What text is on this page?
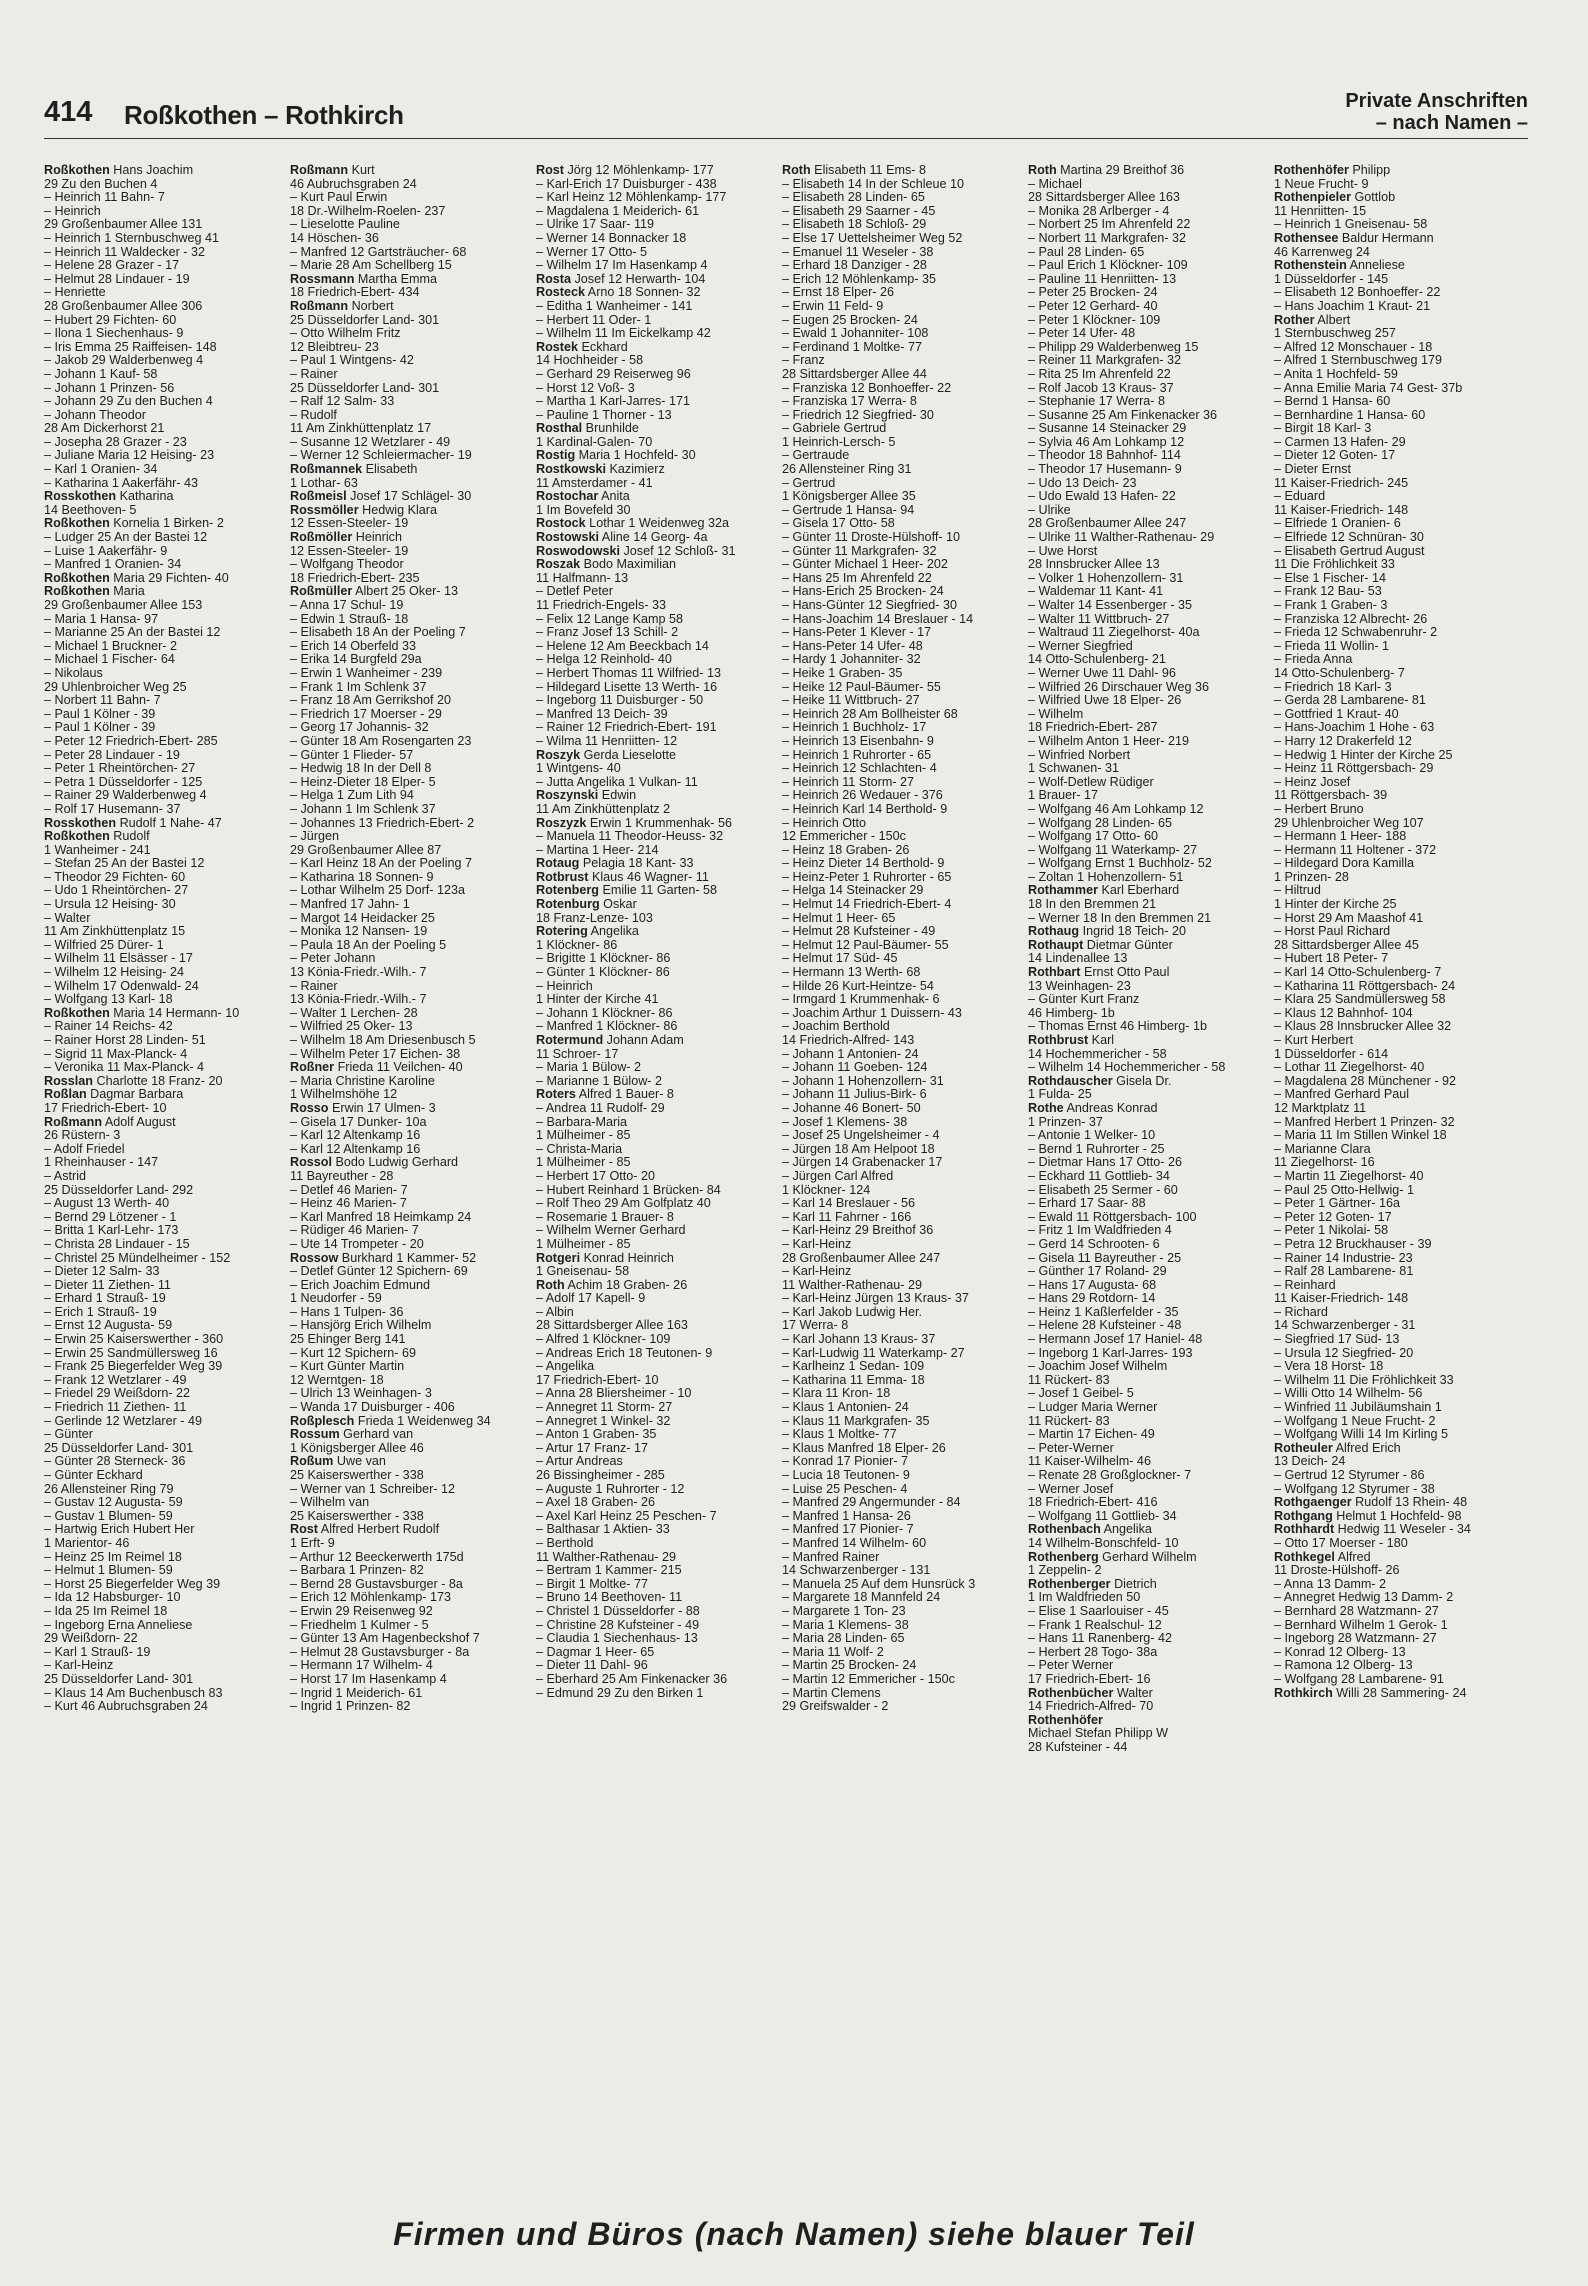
414 Roßkothen – Rothkirch	Private Anschriften
– nach Namen –
Roßkothen Hans Joachim
29 Zu den Buchen 4
– Heinrich 11 Bahn- 7
– Heinrich
29 Großenbaumer Allee 131
– Heinrich 1 Sternbuschweg 41
– Heinrich 11 Waldecker - 32
– Helene 28 Grazer - 17
– Helmut 28 Lindauer - 19
– Henriette
28 Großenbaumer Allee 306
– Hubert 29 Fichten- 60
– Ilona 1 Siechenhaus- 9
– Iris Emma 25 Raiffeisen- 148
– Jakob 29 Walderbenweg 4
– Johann 1 Kauf- 58
– Johann 1 Prinzen- 56
– Johann 29 Zu den Buchen 4
– Johann Theodor
28 Am Dickerhorst 21
– Josepha 28 Grazer - 23
– Juliane Maria 12 Heising- 23
– Karl 1 Oranien- 34
– Katharina 1 Aakerfähr- 43
Rosskothen Katharina
14 Beethoven- 5
Roßkothen Kornelia 1 Birken- 2
– Ludger 25 An der Bastei 12
– Luise 1 Aakerfähr- 9
– Manfred 1 Oranien- 34
Roßkothen Maria 29 Fichten- 40
Roßkothen Maria
29 Großenbaumer Allee 153
– Maria 1 Hansa- 97
– Marianne 25 An der Bastei 12
– Michael 1 Bruckner- 2
– Michael 1 Fischer- 64
– Nikolaus
29 Uhlenbroicher Weg 25
– Norbert 11 Bahn- 7
– Paul 1 Kölner - 39
– Paul 1 Kölner - 39
– Peter 12 Friedrich-Ebert- 285
– Peter 28 Lindauer - 19
– Peter 1 Rheintörchen- 27
– Petra 1 Düsseldorfer - 125
– Rainer 29 Walderbenweg 4
– Rolf 17 Husemann- 37
Rosskothen Rudolf 1 Nahe- 47
Roßkothen Rudolf
1 Wanheimer - 241
– Stefan 25 An der Bastei 12
– Theodor 29 Fichten- 60
– Udo 1 Rheintörchen- 27
– Ursula 12 Heising- 30
– Walter
11 Am Zinkhüttenplatz 15
– Wilfried 25 Dürer- 1
– Wilhelm 11 Elsässer - 17
– Wilhelm 12 Heising- 24
– Wilhelm 17 Odenwald- 24
– Wolfgang 13 Karl- 18
Roßkothen Maria 14 Hermann- 10
– Rainer 14 Reichs- 42
– Rainer Horst 28 Linden- 51
– Sigrid 11 Max-Planck- 4
– Veronika 11 Max-Planck- 4
Rosslan Charlotte 18 Franz- 20
Roßlan Dagmar Barbara
17 Friedrich-Ebert- 10
Roßmann Adolf August
26 Rüstern- 3
– Adolf Friedel
1 Rheinhauser - 147
– Astrid
25 Düsseldorfer Land- 292
– August 13 Werth- 40
– Bernd 29 Lötzener - 1
– Britta 1 Karl-Lehr- 173
– Christa 28 Lindauer - 15
– Christel 25 Mündelheimer - 152
– Dieter 12 Salm- 33
– Dieter 11 Ziethen- 11
– Erhard 1 Strauß- 19
– Erich 1 Strauß- 19
– Ernst 12 Augusta- 59
– Erwin 25 Kaiserswerther - 360
– Erwin 25 Sandmüllersweg 16
– Frank 25 Biegerfelder Weg 39
– Frank 12 Wetzlarer - 49
– Friedel 29 Weißdorn- 22
– Friedrich 11 Ziethen- 11
– Gerlinde 12 Wetzlarer - 49
– Günter
25 Düsseldorfer Land- 301
– Günter 28 Sterneck- 36
– Günter Eckhard
26 Allensteiner Ring 79
– Gustav 12 Augusta- 59
– Gustav 1 Blumen- 59
– Hartwig Erich Hubert Her
1 Marientor- 46
– Heinz 25 Im Reimel 18
– Helmut 1 Blumen- 59
– Horst 25 Biegerfelder Weg 39
– Ida 12 Habsburger- 10
– Ida 25 Im Reimel 18
– Ingeborg Erna Anneliese
29 Weißdorn- 22
– Karl 1 Strauß- 19
– Karl-Heinz
25 Düsseldorfer Land- 301
– Klaus 14 Am Buchenbusch 83
– Kurt 46 Aubruchsgraben 24
Roßmann Kurt
46 Aubruchsgraben 24
– Kurt Paul Erwin
18 Dr.-Wilhelm-Roelen- 237
– Lieselotte Pauline
14 Höschen- 36
– Manfred 12 Gartsträucher- 68
– Marie 28 Am Schellberg 15
Rossmann Martha Emma
18 Friedrich-Ebert- 434
Roßmann Norbert
25 Düsseldorfer Land- 301
– Otto Wilhelm Fritz
12 Bleibtreu- 23
– Paul 1 Wintgens- 42
– Rainer
25 Düsseldorfer Land- 301
– Ralf 12 Salm- 33
– Rudolf
11 Am Zinkhüttenplatz 17
– Susanne 12 Wetzlarer - 49
– Werner 12 Schleiermacher- 19
Roßmannek Elisabeth
1 Lothar- 63
Roßmeisl Josef 17 Schlägel- 30
Rossmöller Hedwig Klara
12 Essen-Steeler- 19
Roßmöller Heinrich
12 Essen-Steeler- 19
– Wolfgang Theodor
18 Friedrich-Ebert- 235
Roßmüller Albert 25 Oker- 13
– Anna 17 Schul- 19
– Edwin 1 Strauß- 18
– Elisabeth 18 An der Poeling 7
– Erich 14 Oberfeld 33
– Erika 14 Burgfeld 29a
– Erwin 1 Wanheimer - 239
– Frank 1 Im Schlenk 37
– Franz 18 Am Gerrikshof 20
– Friedrich 17 Moerser - 29
– Georg 17 Johannis- 32
– Günter 18 Am Rosengarten 23
– Günter 1 Flieder- 57
– Hedwig 18 In der Dell 8
– Heinz-Dieter 18 Elper- 5
– Helga 1 Zum Lith 94
– Johann 1 Im Schlenk 37
– Johannes 13 Friedrich-Ebert- 2
– Jürgen
29 Großenbaumer Allee 87
– Karl Heinz 18 An der Poeling 7
– Katharina 18 Sonnen- 9
– Lothar Wilhelm 25 Dorf- 123a
– Manfred 17 Jahn- 1
– Margot 14 Heidacker 25
– Monika 12 Nansen- 19
– Paula 18 An der Poeling 5
– Peter Johann
13 Könia-Friedr.-Wilh.- 7
– Rainer
13 Könia-Friedr.-Wilh.- 7
– Walter 1 Lerchen- 28
– Wilfried 25 Oker- 13
– Wilhelm 18 Am Driesenbusch 5
– Wilhelm Peter 17 Eichen- 38
Roßner Frieda 11 Veilchen- 40
– Maria Christine Karoline
1 Wilhelmshöhe 12
Rosso Erwin 17 Ulmen- 3
– Gisela 17 Dunker- 10a
– Karl 12 Altenkamp 16
– Karl 12 Altenkamp 16
Rossol Bodo Ludwig Gerhard
11 Bayreuther - 28
– Detlef 46 Marien- 7
– Heinz 46 Marien- 7
– Karl Manfred 18 Heimkamp 24
– Rüdiger 46 Marien- 7
– Ute 14 Trompeter - 20
Rossow Burkhard 1 Kammer- 52
– Detlef Günter 12 Spichern- 69
– Erich Joachim Edmund
1 Neudorfer - 59
– Hans 1 Tulpen- 36
– Hansjörg Erich Wilhelm
25 Ehinger Berg 141
– Kurt 12 Spichern- 69
– Kurt Günter Martin
12 Werntgen- 18
– Ulrich 13 Weinhagen- 3
– Wanda 17 Duisburger - 406
Roßplesch Frieda 1 Weidenweg 34
Rossum Gerhard van
1 Königsberger Allee 46
Roßum Uwe van
25 Kaiserswerther - 338
– Werner van 1 Schreiber- 12
– Wilhelm van
25 Kaiserswerther - 338
Rost Alfred Herbert Rudolf
1 Erft- 9
– Arthur 12 Beeckerwerth 175d
– Barbara 1 Prinzen- 82
– Bernd 28 Gustavsburger - 8a
– Erich 12 Möhlenkamp- 173
– Erwin 29 Reisenweg 92
– Friedhelm 1 Kulmer - 5
– Günter 13 Am Hagenbeckshof 7
– Helmut 28 Gustavsburger - 8a
– Hermann 17 Wilhelm- 4
– Horst 17 Im Hasenkamp 4
– Ingrid 1 Meiderich- 61
– Ingrid 1 Prinzen- 82
Rost Jörg 12 Möhlenkamp- 177
– Karl-Erich 17 Duisburger - 438
– Karl Heinz 12 Möhlenkamp- 177
– Magdalena 1 Meiderich- 61
– Ulrike 17 Saar- 119
– Werner 14 Bonnacker 18
– Werner 17 Otto- 5
– Wilhelm 17 Im Hasenkamp 4
Rosta Josef 12 Herwarth- 104
Rosteck Arno 18 Sonnen- 32
– Editha 1 Wanheimer - 141
– Herbert 11 Oder- 1
– Wilhelm 11 Im Eickelkamp 42
Rostek Eckhard
14 Hochheider - 58
– Gerhard 29 Reiserweg 96
– Horst 12 Voß- 3
– Martha 1 Karl-Jarres- 171
– Pauline 1 Thorner - 13
Rosthal Brunhilde
1 Kardinal-Galen- 70
Rostig Maria 1 Hochfeld- 30
Rostkowski Kazimierz
11 Amsterdamer - 41
Rostochar Anita
1 Im Bovefeld 30
Rostock Lothar 1 Weidenweg 32a
Rostowski Aline 14 Georg- 4a
Roswodowski Josef 12 Schloß- 31
Roszak Bodo Maximilian
11 Halfmann- 13
– Detlef Peter
11 Friedrich-Engels- 33
– Felix 12 Lange Kamp 58
– Franz Josef 13 Schill- 2
– Helene 12 Am Beeckbach 14
– Helga 12 Reinhold- 40
– Herbert Thomas 11 Wilfried- 13
– Hildegard Lisette 13 Werth- 16
– Ingeborg 11 Duisburger - 50
– Manfred 13 Deich- 39
– Rainer 12 Friedrich-Ebert- 191
– Wilma 11 Henriitten- 12
Roszyk Gerda Lieselotte
1 Wintgens- 40
– Jutta Angelika 1 Vulkan- 11
Roszynski Edwin
11 Am Zinkhüttenplatz 2
Roszyzk Erwin 1 Krummenhak- 56
– Manuela 11 Theodor-Heuss- 32
– Martina 1 Heer- 214
Rotaug Pelagia 18 Kant- 33
Rotbrust Klaus 46 Wagner- 11
Rotenberg Emilie 11 Garten- 58
Rotenburg Oskar
18 Franz-Lenze- 103
Rotering Angelika
1 Klöckner- 86
– Brigitte 1 Klöckner- 86
– Günter 1 Klöckner- 86
– Heinrich
1 Hinter der Kirche 41
– Johann 1 Klöckner- 86
– Manfred 1 Klöckner- 86
Rotermund Johann Adam
11 Schroer- 17
– Maria 1 Bülow- 2
– Marianne 1 Bülow- 2
Roters Alfred 1 Bauer- 8
– Andrea 11 Rudolf- 29
– Barbara-Maria
1 Mülheimer - 85
– Christa-Maria
1 Mülheimer - 85
– Herbert 17 Otto- 20
– Hubert Reinhard 1 Brücken- 84
– Rolf Theo 29 Am Golfplatz 40
– Rosemarie 1 Brauer- 8
– Wilhelm Werner Gerhard
1 Mülheimer - 85
Rotgeri Konrad Heinrich
1 Gneisenau- 58
Roth Achim 18 Graben- 26
– Adolf 17 Kapell- 9
– Albin
28 Sittardsberger Allee 163
– Alfred 1 Klöckner- 109
– Andreas Erich 18 Teutonen- 9
– Angelika
17 Friedrich-Ebert- 10
– Anna 28 Bliersheimer - 10
– Annegret 11 Storm- 27
– Annegret 1 Winkel- 32
– Anton 1 Graben- 35
– Artur 17 Franz- 17
– Artur Andreas
26 Bissingheimer - 285
– Auguste 1 Ruhrorter - 12
– Axel 18 Graben- 26
– Axel Karl Heinz 25 Peschen- 7
– Balthasar 1 Aktien- 33
– Berthold
11 Walther-Rathenau- 29
– Bertram 1 Kammer- 215
– Birgit 1 Moltke- 77
– Bruno 14 Beethoven- 11
– Christel 1 Düsseldorfer - 88
– Christine 28 Kufsteiner - 49
– Claudia 1 Siechenhaus- 13
– Dagmar 1 Heer- 65
– Dieter 11 Dahl- 96
– Eberhard 25 Am Finkenacker 36
– Edmund 29 Zu den Birken 1
Roth Elisabeth 11 Ems- 8
– Elisabeth 14 In der Schleue 10
– Elisabeth 28 Linden- 65
– Elisabeth 29 Saarner - 45
– Elisabeth 18 Schloß- 29
– Else 17 Uettelsheimer Weg 52
– Emanuel 11 Weseler - 38
– Erhard 18 Danziger - 28
– Erich 12 Möhlenkamp- 35
– Ernst 18 Elper- 26
– Erwin 11 Feld- 9
– Eugen 25 Brocken- 24
– Ewald 1 Johanniter- 108
– Ferdinand 1 Moltke- 77
– Franz
28 Sittardsberger Allee 44
– Franziska 12 Bonhoeffer- 22
– Franziska 17 Werra- 8
– Friedrich 12 Siegfried- 30
– Gabriele Gertrud
1 Heinrich-Lersch- 5
– Gertraude
26 Allensteiner Ring 31
– Gertrud
1 Königsberger Allee 35
– Gertrude 1 Hansa- 94
– Gisela 17 Otto- 58
– Günter 11 Droste-Hülshoff- 10
– Günter 11 Markgrafen- 32
– Günter Michael 1 Heer- 202
– Hans 25 Im Ährenfeld 22
– Hans-Erich 25 Brocken- 24
– Hans-Günter 12 Siegfried- 30
– Hans-Joachim 14 Breslauer - 14
– Hans-Peter 1 Klever - 17
– Hans-Peter 14 Ufer- 48
– Hardy 1 Johanniter- 32
– Heike 1 Graben- 35
– Heike 12 Paul-Bäumer- 55
– Heike 11 Wittbruch- 27
– Heinrich 28 Am Bollheister 68
– Heinrich 1 Buchholz- 17
– Heinrich 13 Eisenbahn- 9
– Heinrich 1 Ruhrorter - 65
– Heinrich 12 Schlachten- 4
– Heinrich 11 Storm- 27
– Heinrich 26 Wedauer - 376
– Heinrich Karl 14 Berthold- 9
– Heinrich Otto
12 Emmericher - 150c
– Heinz 18 Graben- 26
– Heinz Dieter 14 Berthold- 9
– Heinz-Peter 1 Ruhrorter - 65
– Helga 14 Steinacker 29
– Helmut 14 Friedrich-Ebert- 4
– Helmut 1 Heer- 65
– Helmut 28 Kufsteiner - 49
– Helmut 12 Paul-Bäumer- 55
– Helmut 17 Süd- 45
– Hermann 13 Werth- 68
– Hilde 26 Kurt-Heintze- 54
– Irmgard 1 Krummenhak- 6
– Joachim Arthur 1 Duissern- 43
– Joachim Berthold
14 Friedrich-Alfred- 143
– Johann 1 Antonien- 24
– Johann 11 Goeben- 124
– Johann 1 Hohenzollern- 31
– Johann 11 Julius-Birk- 6
– Johanne 46 Bonert- 50
– Josef 1 Klemens- 38
– Josef 25 Ungelsheimer - 4
– Jürgen 18 Am Helpoot 18
– Jürgen 14 Grabenacker 17
– Jürgen Carl Alfred
1 Klöckner- 124
– Karl 14 Breslauer - 56
– Karl 11 Fahrner - 166
– Karl-Heinz 29 Breithof 36
– Karl-Heinz
28 Großenbaumer Allee 247
– Karl-Heinz
11 Walther-Rathenau- 29
– Karl-Heinz Jürgen 13 Kraus- 37
– Karl Jakob Ludwig Her.
17 Werra- 8
– Karl Johann 13 Kraus- 37
– Karl-Ludwig 11 Waterkamp- 27
– Karlheinz 1 Sedan- 109
– Katharina 11 Emma- 18
– Klara 11 Kron- 18
– Klaus 1 Antonien- 24
– Klaus 11 Markgrafen- 35
– Klaus 1 Moltke- 77
– Klaus Manfred 18 Elper- 26
– Konrad 17 Pionier- 7
– Lucia 18 Teutonen- 9
– Luise 25 Peschen- 4
– Manfred 29 Angermunder - 84
– Manfred 1 Hansa- 26
– Manfred 17 Pionier- 7
– Manfred 14 Wilhelm- 60
– Manfred Rainer
14 Schwarzenberger - 131
– Manuela 25 Auf dem Hunsrück 3
– Margarete 18 Mannfeld 24
– Margarete 1 Ton- 23
– Maria 1 Klemens- 38
– Maria 28 Linden- 65
– Maria 11 Wolf- 2
– Martin 25 Brocken- 24
– Martin 12 Emmericher - 150c
– Martin Clemens
29 Greifswalder - 2
Roth Martina 29 Breithof 36
– Michael
28 Sittardsberger Allee 163
– Monika 28 Arlberger - 4
– Norbert 25 Im Ährenfeld 22
– Norbert 11 Markgrafen- 32
– Paul 28 Linden- 65
– Paul Erich 1 Klöckner- 109
– Pauline 11 Henriitten- 13
– Peter 25 Brocken- 24
– Peter 12 Gerhard- 40
– Peter 1 Klöckner- 109
– Peter 14 Ufer- 48
– Philipp 29 Walderbenweg 15
– Reiner 11 Markgrafen- 32
– Rita 25 Im Ährenfeld 22
– Rolf Jacob 13 Kraus- 37
– Stephanie 17 Werra- 8
– Susanne 25 Am Finkenacker 36
– Susanne 14 Steinacker 29
– Sylvia 46 Am Lohkamp 12
– Theodor 18 Bahnhof- 114
– Theodor 17 Husemann- 9
– Udo 13 Deich- 23
– Udo Ewald 13 Hafen- 22
– Ulrike
28 Großenbaumer Allee 247
– Ulrike 11 Walther-Rathenau- 29
– Uwe Horst
28 Innsbrucker Allee 13
– Volker 1 Hohenzollern- 31
– Waldemar 11 Kant- 41
– Walter 14 Essenberger - 35
– Walter 11 Wittbruch- 27
– Waltraud 11 Ziegelhorst- 40a
– Werner Siegfried
14 Otto-Schulenberg- 21
– Werner Uwe 11 Dahl- 96
– Wilfried 26 Dirschauer Weg 36
– Wilfried Uwe 18 Elper- 26
– Wilhelm
18 Friedrich-Ebert- 287
– Wilhelm Anton 1 Heer- 219
– Winfried Norbert
1 Schwanen- 31
– Wolf-Detlew Rüdiger
1 Brauer- 17
– Wolfgang 46 Am Lohkamp 12
– Wolfgang 28 Linden- 65
– Wolfgang 17 Otto- 60
– Wolfgang 11 Waterkamp- 27
– Wolfgang Ernst 1 Buchholz- 52
– Zoltan 1 Hohenzollern- 51
Rothammer Karl Eberhard
18 In den Bremmen 21
– Werner 18 In den Bremmen 21
Rothaug Ingrid 18 Teich- 20
Rothaupt Dietmar Günter
14 Lindenallee 13
Rothbart Ernst Otto Paul
13 Weinhagen- 23
– Günter Kurt Franz
46 Himberg- 1b
– Thomas Ernst 46 Himberg- 1b
Rothbrust Karl
14 Hochemmericher - 58
– Wilhelm 14 Hochemmericher - 58
Rothdauscher Gisela Dr.
1 Fulda- 25
Rothe Andreas Konrad
1 Prinzen- 37
– Antonie 1 Welker- 10
– Bernd 1 Ruhrorter - 25
– Dietmar Hans 17 Otto- 26
– Eckhard 11 Gottlieb- 34
– Elisabeth 25 Sermer - 60
– Erhard 17 Saar- 88
– Ewald 11 Röttgersbach- 100
– Fritz 1 Im Waldfrieden 4
– Gerd 14 Schrooten- 6
– Gisela 11 Bayreuther - 25
– Günther 17 Roland- 29
– Hans 17 Augusta- 68
– Hans 29 Rotdorn- 14
– Heinz 1 Kaßlerfelder - 35
– Helene 28 Kufsteiner - 48
– Hermann Josef 17 Haniel- 48
– Ingeborg 1 Karl-Jarres- 193
– Joachim Josef Wilhelm
11 Rückert- 83
– Josef 1 Geibel- 5
– Ludger Maria Werner
11 Rückert- 83
– Martin 17 Eichen- 49
– Peter-Werner
11 Kaiser-Wilhelm- 46
– Renate 28 Großglockner- 7
– Werner Josef
18 Friedrich-Ebert- 416
– Wolfgang 11 Gottlieb- 34
Rothenbach Angelika
14 Wilhelm-Bonschfeld- 10
Rothenberg Gerhard Wilhelm
1 Zeppelin- 2
Rothenberger Dietrich
1 Im Waldfrieden 50
– Elise 1 Saarlouiser - 45
– Frank 1 Realschul- 12
– Hans 11 Ranenberg- 42
– Herbert 28 Togo- 38a
– Peter Werner
17 Friedrich-Ebert- 16
Rothenbücher Walter
14 Friedrich-Alfred- 70
Rothenhöfer
Michael Stefan Philipp W
28 Kufsteiner - 44
Rothenhöfer Philipp
1 Neue Frucht- 9
Rothenpieler Gottlob
11 Henriitten- 15
– Heinrich 1 Gneisenau- 58
Rothensee Baldur Hermann
46 Karrenweg 24
Rothenstein Anneliese
1 Düsseldorfer - 145
– Elisabeth 12 Bonhoeffer- 22
– Hans Joachim 1 Kraut- 21
Rother Albert
1 Sternbuschweg 257
– Alfred 12 Monschauer - 18
– Alfred 1 Sternbuschweg 179
– Anita 1 Hochfeld- 59
– Anna Emilie Maria 74 Gest- 37b
– Bernd 1 Hansa- 60
– Bernhardine 1 Hansa- 60
– Birgit 18 Karl- 3
– Carmen 13 Hafen- 29
– Dieter 12 Goten- 17
– Dieter Ernst
11 Kaiser-Friedrich- 245
– Eduard
11 Kaiser-Friedrich- 148
– Elfriede 1 Oranien- 6
– Elfriede 12 Schnüran- 30
– Elisabeth Gertrud August
11 Die Fröhlichkeit 33
– Else 1 Fischer- 14
– Frank 12 Bau- 53
– Frank 1 Graben- 3
– Franziska 12 Albrecht- 26
– Frieda 12 Schwabenruhr- 2
– Frieda 11 Wollin- 1
– Frieda Anna
14 Otto-Schulenberg- 7
– Friedrich 18 Karl- 3
– Gerda 28 Lambarene- 81
– Gottfried 1 Kraut- 40
– Hans-Joachim 1 Hohe - 63
– Harry 12 Drakerfeld 12
– Hedwig 1 Hinter der Kirche 25
– Heinz 11 Röttgersbach- 29
– Heinz Josef
11 Röttgersbach- 39
– Herbert Bruno
29 Uhlenbroicher Weg 107
– Hermann 1 Heer- 188
– Hermann 11 Holtener - 372
– Hildegard Dora Kamilla
1 Prinzen- 28
– Hiltrud
1 Hinter der Kirche 25
– Horst 29 Am Maashof 41
– Horst Paul Richard
28 Sittardsberger Allee 45
– Hubert 18 Peter- 7
– Karl 14 Otto-Schulenberg- 7
– Katharina 11 Röttgersbach- 24
– Klara 25 Sandmüllersweg 58
– Klaus 12 Bahnhof- 104
– Klaus 28 Innsbrucker Allee 32
– Kurt Herbert
1 Düsseldorfer - 614
– Lothar 11 Ziegelhorst- 40
– Magdalena 28 Münchener - 92
– Manfred Gerhard Paul
12 Marktplatz 11
– Manfred Herbert 1 Prinzen- 32
– Maria 11 Im Stillen Winkel 18
– Marianne Clara
11 Ziegelhorst- 16
– Martin 11 Ziegelhorst- 40
– Paul 25 Otto-Hellwig- 1
– Peter 1 Gärtner- 16a
– Peter 12 Goten- 17
– Peter 1 Nikolai- 58
– Petra 12 Bruckhauser - 39
– Rainer 14 Industrie- 23
– Ralf 28 Lambarene- 81
– Reinhard
11 Kaiser-Friedrich- 148
– Richard
14 Schwarzenberger - 31
– Siegfried 17 Süd- 13
– Ursula 12 Siegfried- 20
– Vera 18 Horst- 18
– Wilhelm 11 Die Fröhlichkeit 33
– Willi Otto 14 Wilhelm- 56
– Winfried 11 Jubiläumshain 1
– Wolfgang 1 Neue Frucht- 2
– Wolfgang Willi 14 Im Kirling 5
Rotheuler Alfred Erich
13 Deich- 24
– Gertrud 12 Styrumer - 86
– Wolfgang 12 Styrumer - 38
Rothgaenger Rudolf 13 Rhein- 48
Rothgang Helmut 1 Hochfeld- 98
Rothhardt Hedwig 11 Weseler - 34
– Otto 17 Moerser - 180
Rothkegel Alfred
11 Droste-Hülshoff- 26
– Anna 13 Damm- 2
– Annegret Hedwig 13 Damm- 2
– Bernhard 28 Watzmann- 27
– Bernhard Wilhelm 1 Gerok- 1
– Ingeborg 28 Watzmann- 27
– Konrad 12 Ölberg- 13
– Ramona 12 Ölberg- 13
– Wolfgang 28 Lambarene- 91
Rothkirch Willi 28 Sammering- 24
Firmen und Büros (nach Namen) siehe blauer Teil
